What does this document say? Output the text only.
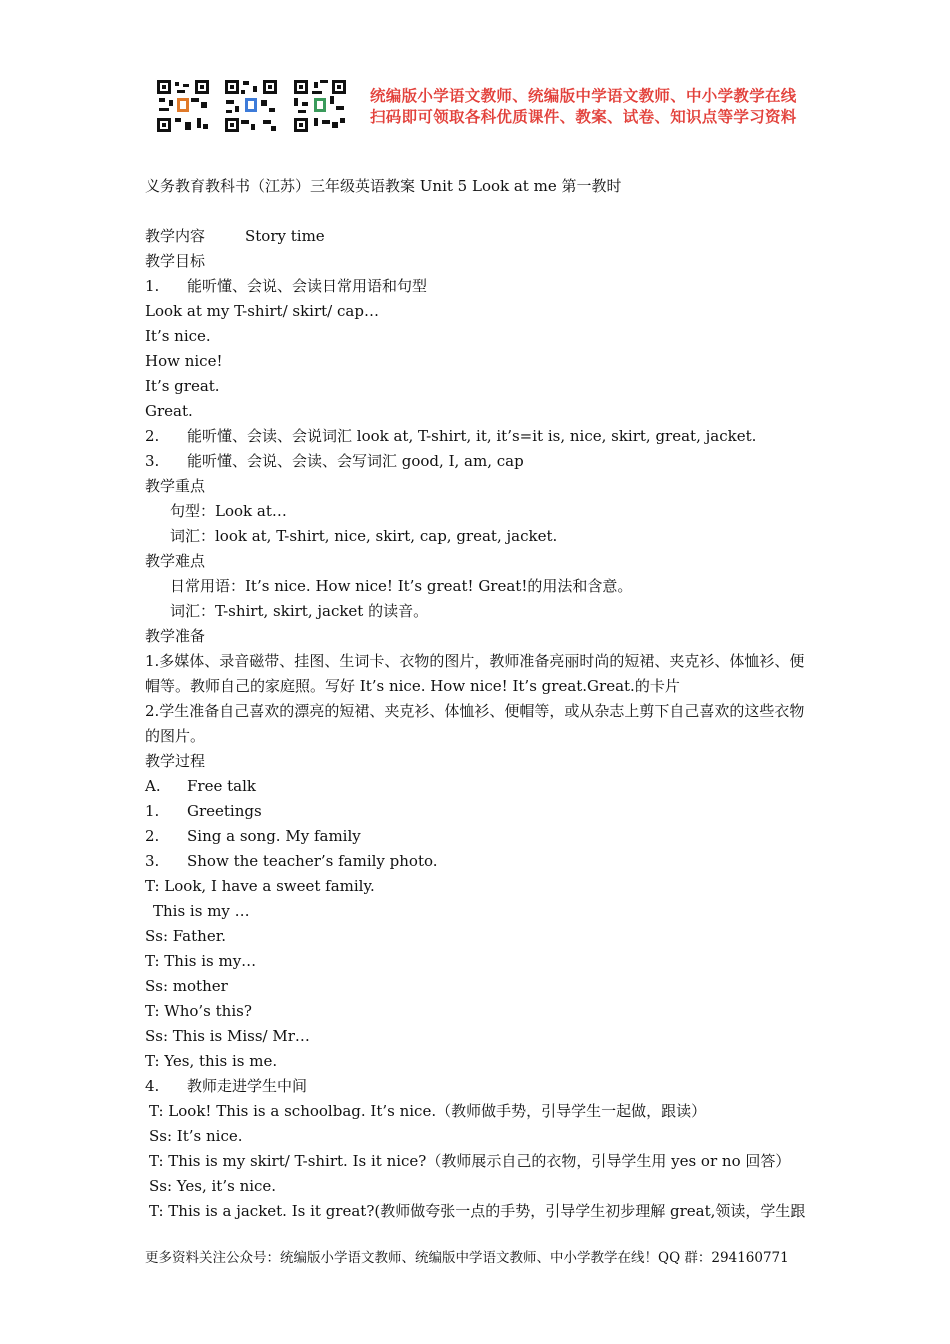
统编版小学语文教师、统编版中学语文教师、中小学教学在线
扫码即可领取各科优质课件、教案、试卷、知识点等学习资料
义务教育教科书（江苏）三年级英语教案 Unit 5 Look at me 第一教时
教学内容	Story time
教学目标
1. 能听懂、会说、会读日常用语和句型
Look at my T-shirt/ skirt/ cap…
It’s nice.
How nice!
It’s great.
Great.
2. 能听懂、会读、会说词汇 look at, T-shirt, it, it’s=it is, nice, skirt, great, jacket.
3. 能听懂、会说、会读、会写词汇 good, I, am, cap
教学重点
句型：Look at…
词汇：look at, T-shirt, nice, skirt, cap, great, jacket.
教学难点
日常用语：It’s nice. How nice! It’s great! Great!的用法和含意。
词汇：T-shirt, skirt, jacket 的读音。
教学准备
1.多媒体、录音磁带、挂图、生词卡、衣物的图片，教师准备亮丽时尚的短裙、夹克衫、体恤衫、便帽等。教师自己的家庭照。写好 It’s nice. How nice! It’s great.Great.的卡片
2.学生准备自己喜欢的漂亮的短裙、夹克衫、体恤衫、便帽等，或从杂志上剪下自己喜欢的这些衣物的图片。
教学过程
A. Free talk
1. Greetings
2. Sing a song. My family
3. Show the teacher’s family photo.
T: Look, I have a sweet family.
This is my …
Ss: Father.
T: This is my…
Ss: mother
T: Who’s this?
Ss: This is Miss/ Mr…
T: Yes, this is me.
4. 教师走进学生中间
T: Look! This is a schoolbag. It’s nice.（教师做手势，引导学生一起做，跟读）
Ss: It’s nice.
T: This is my skirt/ T-shirt. Is it nice?（教师展示自己的衣物，引导学生用 yes or no 回答）
Ss: Yes, it’s nice.
T: This is a jacket. Is it great?(教师做夸张一点的手势，引导学生初步理解 great,领读，学生跟
更多资料关注公众号：统编版小学语文教师、统编版中学语文教师、中小学教学在线！QQ 群：294160771
